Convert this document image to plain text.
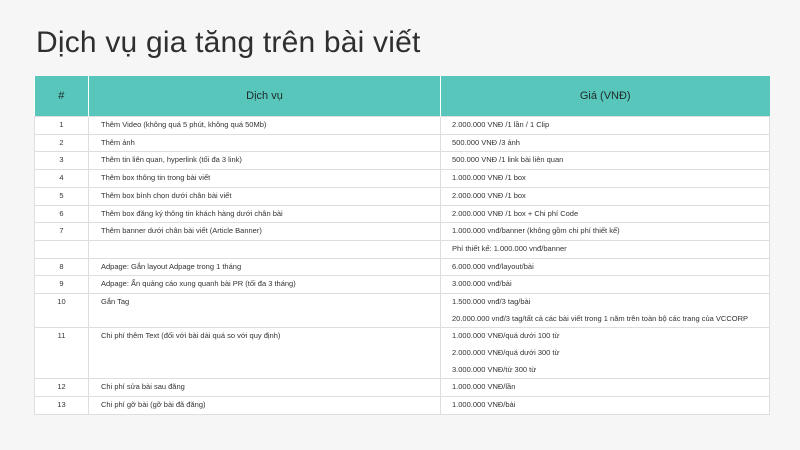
Dịch vụ gia tăng trên bài viết
#	Dịch vụ	Giá (VNĐ)
1	Thêm Video (không quá 5 phút, không quá 50Mb)	2.000.000 VNĐ /1 lần / 1 Clip

2	Thêm ảnh	500.000 VNĐ /3 ảnh

3	Thêm tin liên quan, hyperlink (tối đa 3 link)	500.000 VNĐ /1 link bài liên quan

4	Thêm box thông tin trong bài viết	1.000.000 VNĐ /1 box

5	Thêm box bình chọn dưới chân bài viết	2.000.000 VNĐ /1 box

6	Thêm box đăng ký thông tin khách hàng dưới chân bài	2.000.000 VNĐ /1 box + Chi phí Code

7	Thêm banner dưới chân bài viết (Article Banner)	1.000.000 vnđ/banner (không gồm chi phí thiết kế)

		Phí thiết kế: 1.000.000 vnđ/banner

8	Adpage: Gắn layout Adpage trong 1 tháng	6.000.000 vnđ/layout/bài

9	Adpage: Ẩn quảng cáo xung quanh bài PR (tối đa 3 tháng)	3.000.000 vnđ/bài

10	Gắn Tag	1.500.000 vnđ/3 tag/bài
20.000.000 vnđ/3 tag/tất cả các bài viết trong 1 năm trên toàn bộ các trang của VCCORP

11	Chi phí thêm Text (đối với bài dài quá so với quy định)	1.000.000 VNĐ/quá dưới 100 từ
2.000.000 VNĐ/quá dưới 300 từ
3.000.000 VNĐ/từ 300 từ

12	Chi phí sửa bài sau đăng	1.000.000 VNĐ/lần

13	Chi phí gỡ bài (gỡ bài đã đăng)	1.000.000 VNĐ/bài
